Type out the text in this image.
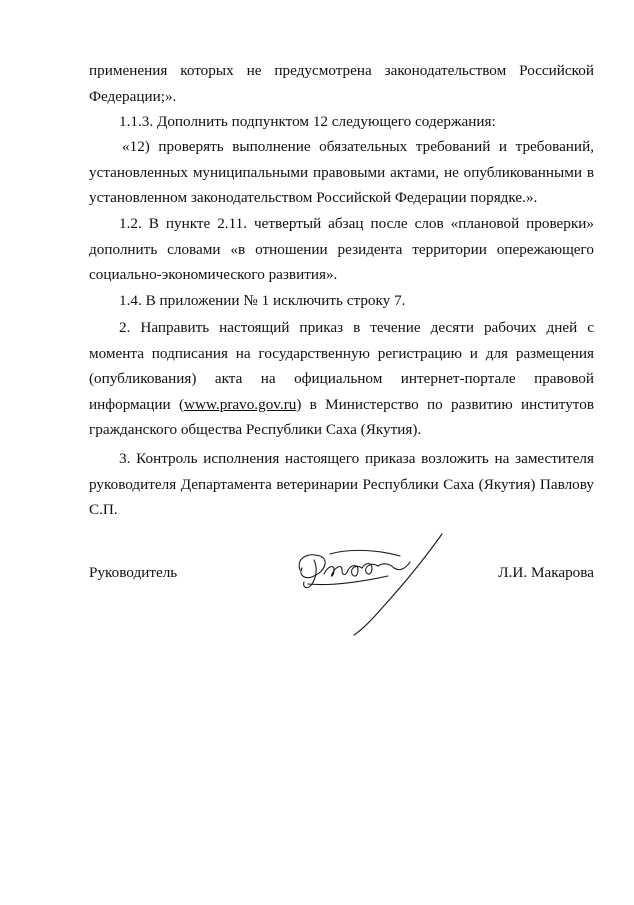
применения которых не предусмотрена законодательством Российской Федерации;».

1.1.3. Дополнить подпунктом 12 следующего содержания:

«12) проверять выполнение обязательных требований и требований, установленных муниципальными правовыми актами, не опубликованными в установленном законодательством Российской Федерации порядке.».

1.2. В пункте 2.11. четвертый абзац после слов «плановой проверки» дополнить словами «в отношении резидента территории опережающего социально-экономического развития».

1.4. В приложении № 1 исключить строку 7.

2. Направить настоящий приказ в течение десяти рабочих дней с момента подписания на государственную регистрацию и для размещения (опубликования) акта на официальном интернет-портале правовой информации (www.pravo.gov.ru) в Министерство по развитию институтов гражданского общества Республики Саха (Якутия).

3. Контроль исполнения настоящего приказа возложить на заместителя руководителя Департамента ветеринарии Республики Саха (Якутия) Павлову С.П.

Руководитель	Л.И. Макарова
